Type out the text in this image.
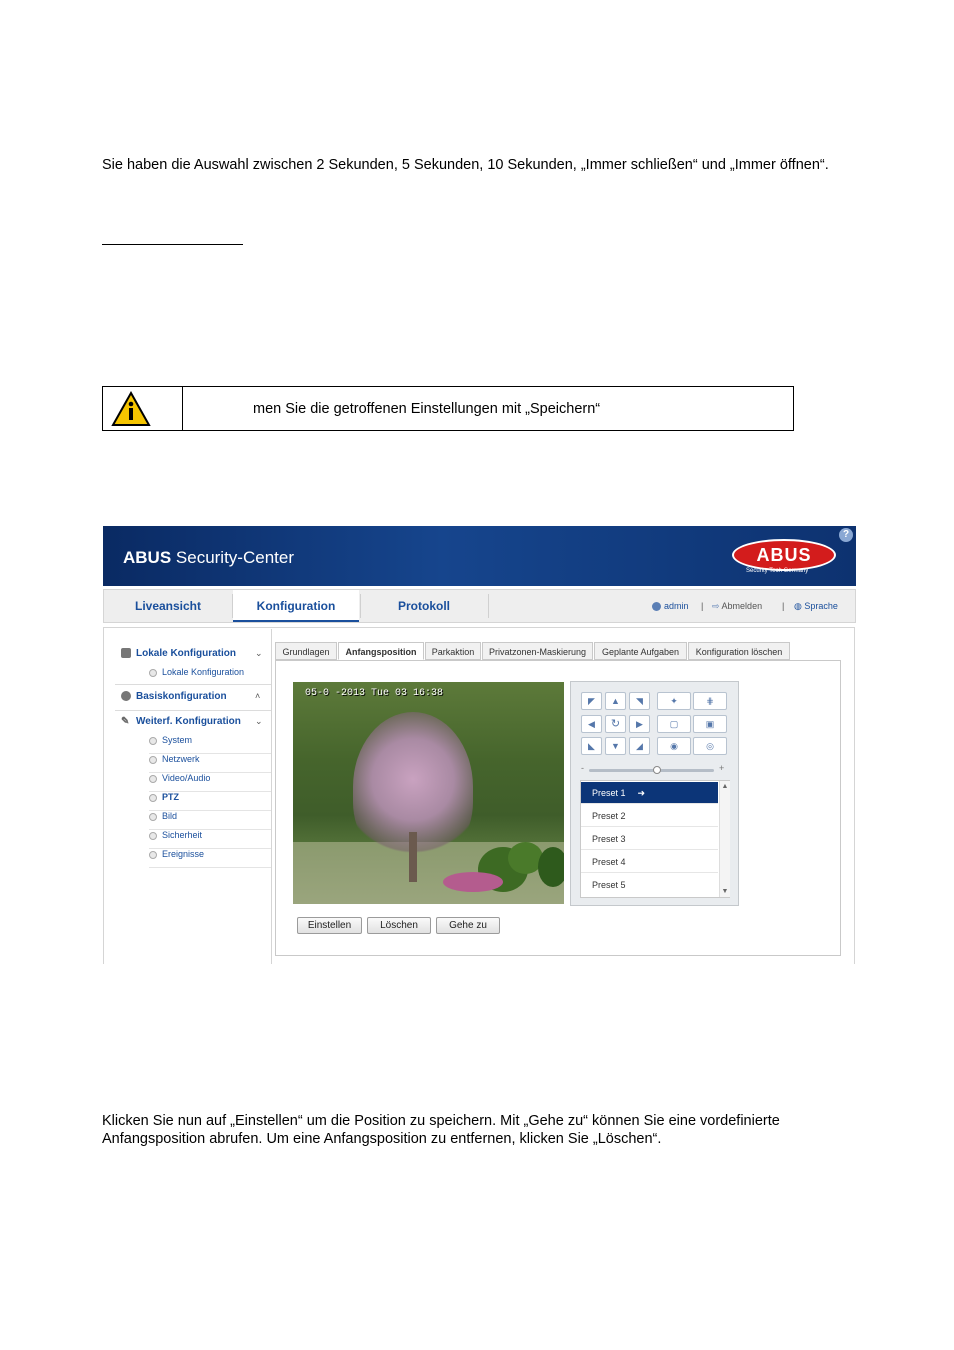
Sie haben die Auswahl zwischen 2 Sekunden, 5 Sekunden, 10 Sekunden, „Immer schließen“ und „Immer öffnen“.
men Sie die getroffenen Einstellungen mit „Speichern“
ABUS Security-Center	ABUS
Security Tech Germany
?
Liveansicht	Konfiguration	Protokoll	admin | ⇨ Abmelden | ◍ Sprache
Lokale Konfiguration ⌄
Lokale Konfiguration
Basiskonfiguration	˄
✎ Weiterf. Konfiguration ⌄
System
Netzwerk
Video/Audio
PTZ
Bild
Sicherheit
Ereignisse
Grundlagen	Anfangsposition	Parkaktion	Privatzonen-Maskierung	Geplante Aufgaben	Konfiguration löschen
05-0 -2013 Tue 03 16:38
◤	▲	◥
◀	↻	▶
◣	▼	◢
✦	⋕
▢	▣
◉	◎
-	+
Preset 1 ➜
Preset 2
Preset 3
Preset 4
Preset 5
▲
▼
Einstellen	Löschen	Gehe zu
Klicken Sie nun auf „Einstellen“ um die Position zu speichern. Mit „Gehe zu“ können Sie eine vordefinierte Anfangsposition abrufen. Um eine Anfangsposition zu entfernen, klicken Sie „Löschen“.
